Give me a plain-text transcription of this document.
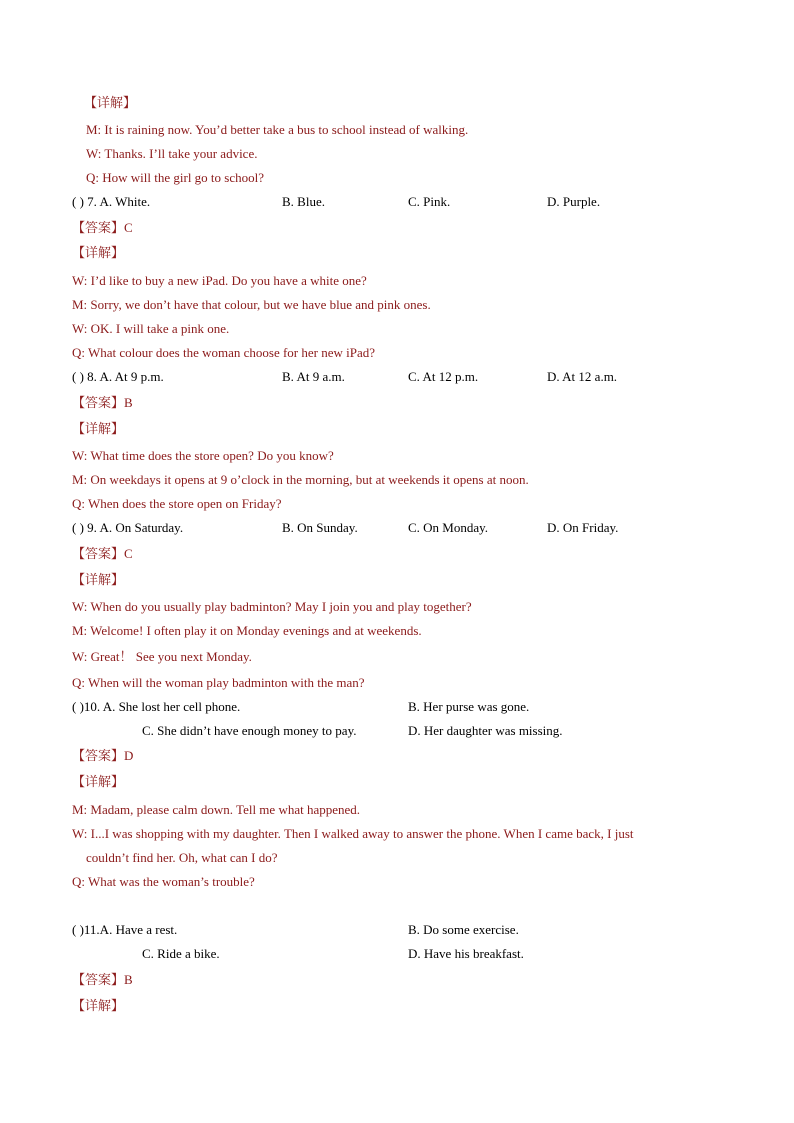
【详解】
M: It is raining now. You’d better take a bus to school instead of walking.
W: Thanks. I’ll take your advice.
Q: How will the girl go to school?
( ) 7. A. White.	B. Blue.	C. Pink.	D. Purple.
【答案】C
【详解】
W: I’d like to buy a new iPad. Do you have a white one?
M: Sorry, we don’t have that colour, but we have blue and pink ones.
W: OK. I will take a pink one.
Q: What colour does the woman choose for her new iPad?
( ) 8. A. At 9 p.m.	B. At 9 a.m.	C. At 12 p.m.	D. At 12 a.m.
【答案】B
【详解】
W: What time does the store open? Do you know?
M: On weekdays it opens at 9 o’clock in the morning, but at weekends it opens at noon.
Q: When does the store open on Friday?
( ) 9. A. On Saturday.	B. On Sunday.	C. On Monday.	D. On Friday.
【答案】C
【详解】
W: When do you usually play badminton? May I join you and play together?
M: Welcome! I often play it on Monday evenings and at weekends.
W: Great！ See you next Monday.
Q: When will the woman play badminton with the man?
( )10. A. She lost her cell phone.	B. Her purse was gone.
C. She didn’t have enough money to pay.	D. Her daughter was missing.
【答案】D
【详解】
M: Madam, please calm down. Tell me what happened.
W: I...I was shopping with my daughter. Then I walked away to answer the phone. When I came back, I just
couldn’t find her. Oh, what can I do?
Q: What was the woman’s trouble?
( )11.A. Have a rest.	B. Do some exercise.
C. Ride a bike.	D. Have his breakfast.
【答案】B
【详解】
